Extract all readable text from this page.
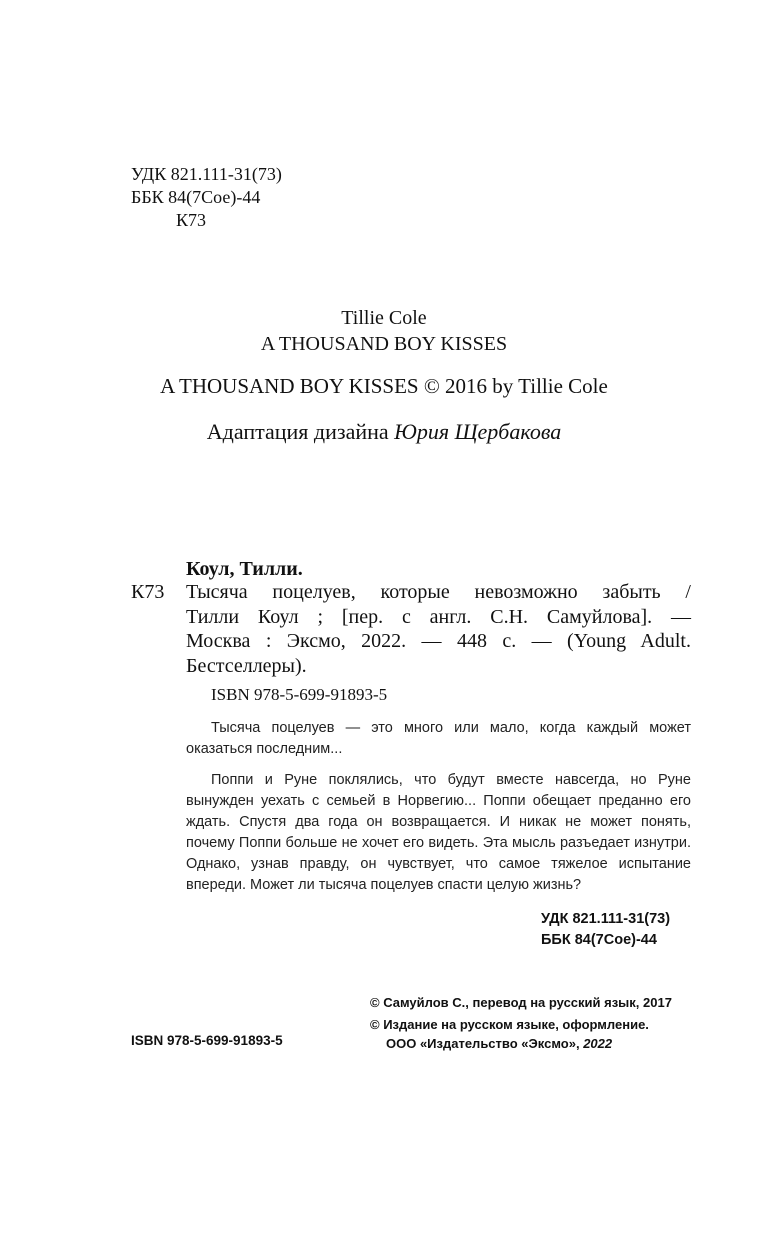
УДК 821.111-31(73)
ББК 84(7Сое)-44
К73
Tillie Cole
A THOUSAND BOY KISSES
A THOUSAND BOY KISSES © 2016 by Tillie Cole
Адаптация дизайна Юрия Щербакова
Коул, Тилли.
К73 Тысяча поцелуев, которые невозможно забыть /
Тилли Коул ; [пер. с англ. С.Н. Самуйлова]. —
Москва : Эксмо, 2022. — 448 с. — (Young Adult.
Бестселлеры).
ISBN 978-5-699-91893-5

Тысяча поцелуев — это много или мало, когда каждый может оказаться последним...

Поппи и Руне поклялись, что будут вместе навсегда, но Руне вынужден уехать с семьей в Норвегию... Поппи обещает преданно его ждать. Спустя два года он возвращается. И никак не может понять, почему Поппи больше не хочет его видеть. Эта мысль разъедает изнутри. Однако, узнав правду, он чувствует, что самое тяжелое испытание впереди. Может ли тысяча поцелуев спасти целую жизнь?

УДК 821.111-31(73)
ББК 84(7Сое)-44
© Самуйлов С., перевод на русский язык, 2017
© Издание на русском языке, оформление.
ООО «Издательство «Эксмо», 2022
ISBN 978-5-699-91893-5
